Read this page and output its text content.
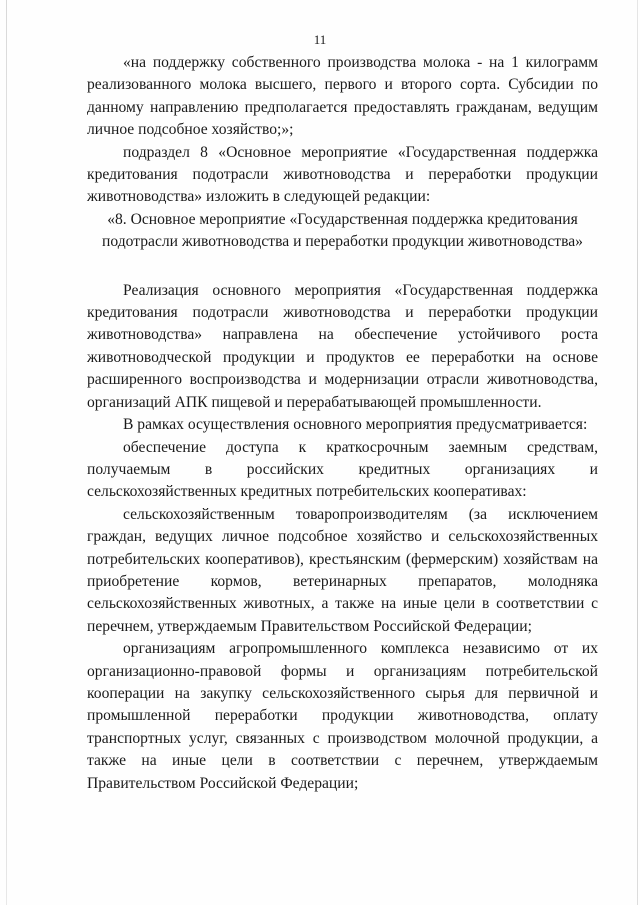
11

«на поддержку собственного производства молока - на 1 килограмм реализованного молока высшего, первого и второго сорта. Субсидии по данному направлению предполагается предоставлять гражданам, ведущим личное подсобное хозяйство;»;

подраздел 8 «Основное мероприятие «Государственная поддержка кредитования подотрасли животноводства и переработки продукции животноводства» изложить в следующей редакции:

«8. Основное мероприятие «Государственная поддержка кредитования подотрасли животноводства и переработки продукции животноводства»

Реализация основного мероприятия «Государственная поддержка кредитования подотрасли животноводства и переработки продукции животноводства» направлена на обеспечение устойчивого роста животноводческой продукции и продуктов ее переработки на основе расширенного воспроизводства и модернизации отрасли животноводства, организаций АПК пищевой и перерабатывающей промышленности.

В рамках осуществления основного мероприятия предусматривается:

обеспечение доступа к краткосрочным заемным средствам, получаемым в российских кредитных организациях и сельскохозяйственных кредитных потребительских кооперативах:

сельскохозяйственным товаропроизводителям (за исключением граждан, ведущих личное подсобное хозяйство и сельскохозяйственных потребительских кооперативов), крестьянским (фермерским) хозяйствам на приобретение кормов, ветеринарных препаратов, молодняка сельскохозяйственных животных, а также на иные цели в соответствии с перечнем, утверждаемым Правительством Российской Федерации;

организациям агропромышленного комплекса независимо от их организационно-правовой формы и организациям потребительской кооперации на закупку сельскохозяйственного сырья для первичной и промышленной переработки продукции животноводства, оплату транспортных услуг, связанных с производством молочной продукции, а также на иные цели в соответствии с перечнем, утверждаемым Правительством Российской Федерации;
